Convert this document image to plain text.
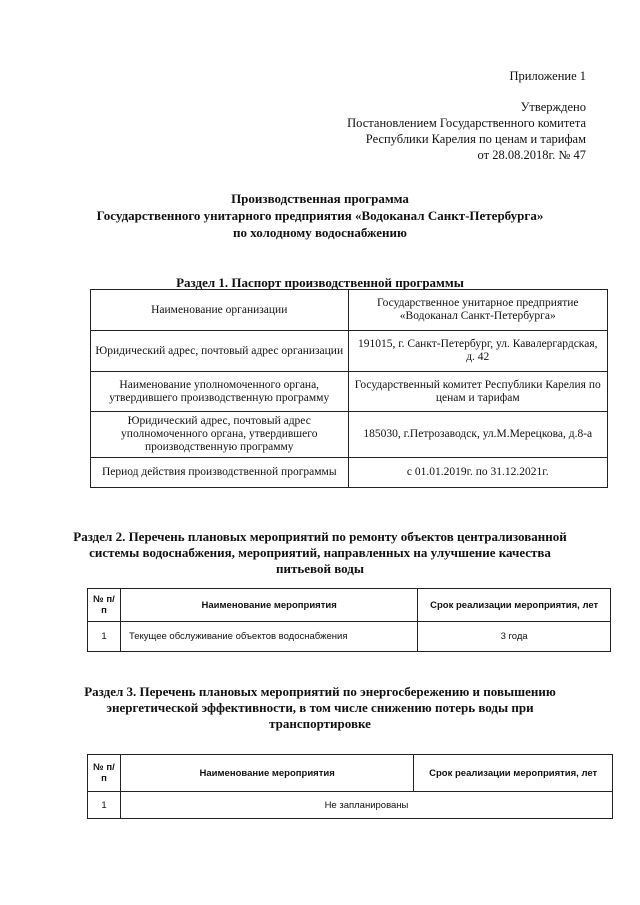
Приложение 1
Утверждено
Постановлением Государственного комитета
Республики Карелия по ценам и тарифам
от 28.08.2018г. № 47
Производственная программа
Государственного унитарного предприятия «Водоканал Санкт-Петербурга»
по холодному водоснабжению
Раздел 1. Паспорт производственной программы
Наименование организации	Государственное унитарное предприятие «Водоканал Санкт-Петербурга»
Юридический адрес, почтовый адрес организации	191015, г. Санкт-Петербург, ул. Кавалергардская, д. 42
Наименование уполномоченного органа, утвердившего производственную программу	Государственный комитет Республики Карелия по ценам и тарифам
Юридический адрес, почтовый адрес уполномоченного органа, утвердившего производственную программу	185030, г.Петрозаводск, ул.М.Мерецкова, д.8-а
Период действия производственной программы	с 01.01.2019г. по 31.12.2021г.
Раздел 2. Перечень плановых мероприятий по ремонту объектов централизованной
системы водоснабжения, мероприятий, направленных на улучшение качества
питьевой воды
№ п/п	Наименование мероприятия	Срок реализации мероприятия, лет
1	Текущее обслуживание объектов водоснабжения	3 года
Раздел 3. Перечень плановых мероприятий по энергосбережению и повышению
энергетической эффективности, в том числе снижению потерь воды при
транспортировке
№ п/п	Наименование мероприятия	Срок реализации мероприятия, лет
1	Не запланированы	
